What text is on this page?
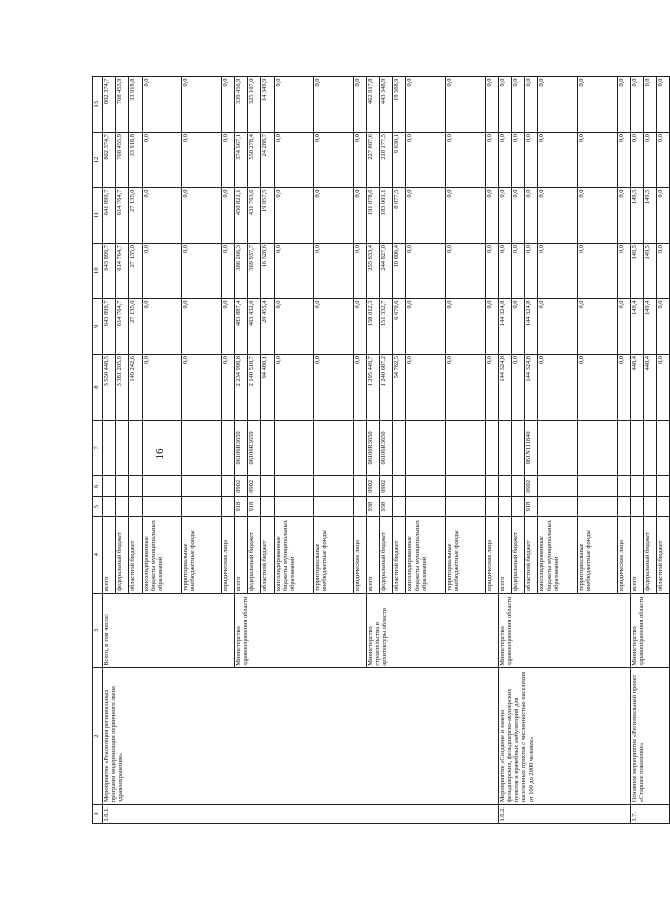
16
1	2	3	4	5	6	7	8	9	10	11	12	13
1.6.1.	Мероприятие «Реализация региональных программ модернизации первичного звена здравоохранения»	Всего, в том числе:	всего				3 550 448,5	643 899,7	643 899,7	641 899,7	802 374,7	802 374,7
			федеральный бюджет				3 381 205,9	614 764,7	614 764,7	614 764,7	768 455,9	768 455,9
			областной бюджет				149 242,6	27 135,0	27 135,0	27 135,0	33 918,8	33 918,8
			консолидированные бюджеты муниципальных образований				0,0	0,0	0,0	0,0	0,0	0,0
			территориальные внебюджетные фонды				0,0	0,0	0,0	0,0	0,0	0,0
			юридические лица				0,0	0,0	0,0	0,0	0,0	0,0
		Министерство здравоохранения области	всего	918	0902	06106R3650	2 234 998,8	483 887,4	386 266,3	450 821,1	574 567,1	339 456,9
			федеральный бюджет	918	0902	06106R3650	2 140 518,7	463 432,0	369 937,7	431 763,6	550 278,4	325 107,0
			областной бюджет				94 480,1	20 455,4	16 328,6	19 057,5	24 288,7	14 349,9
			консолидированные бюджеты муниципальных образований				0,0	0,0	0,0	0,0	0,0	0,0
			территориальные внебюджетные фонды				0,0	0,0	0,0	0,0	0,0	0,0
			юридические лица				0,0	0,0	0,0	0,0	0,0	0,0
		Министерство строительства и архитектуры области	всего	938	0902	06106R3650	1 295 449,7	158 012,3	255 633,4	191 078,6	227 807,6	462 917,8
			федеральный бюджет	938	0902	06106R3650	1 240 687,2	151 332,7	244 827,0	183 001,1	218 177,5	443 348,9
			областной бюджет				54 762,5	6 679,6	10 806,4	8 077,5	9 630,1	19 568,9
			консолидированные бюджеты муниципальных образований				0,0	0,0	0,0	0,0	0,0	0,0
			территориальные внебюджетные фонды				0,0	0,0	0,0	0,0	0,0	0,0
			юридические лица				0,0	0,0	0,0	0,0	0,0	0,0
1.6.2.	Мероприятие «Создание и замена фельдшерских, фельдшерско-акушерских пунктов и врачебных амбулаторий для населенных пунктов с численностью населения от 100 до 2000 человек»	Министерство здравоохранения области	всего				144 324,8	144 324,8	0,0	0,0	0,0	0,0
			федеральный бюджет				0,0	0,0	0,0	0,0	0,0	0,0
			областной бюджет	918	0902	061N111840	144 324,8	144 324,8	0,0	0,0	0,0	0,0
			консолидированные бюджеты муниципальных образований				0,0	0,0	0,0	0,0	0,0	0,0
			территориальные внебюджетные фонды				0,0	0,0	0,0	0,0	0,0	0,0
			юридические лица				0,0	0,0	0,0	0,0	0,0	0,0
1.7.	Основное мероприятие «Региональный проект «Старшее поколение»	Министерство здравоохранения области	всего				448,4	149,4	149,5	149,5	0,0	0,0
			федеральный бюджет				448,4	149,4	149,5	149,5	0,0	0,0
			областной бюджет				0,0	0,0	0,0	0,0	0,0	0,0
